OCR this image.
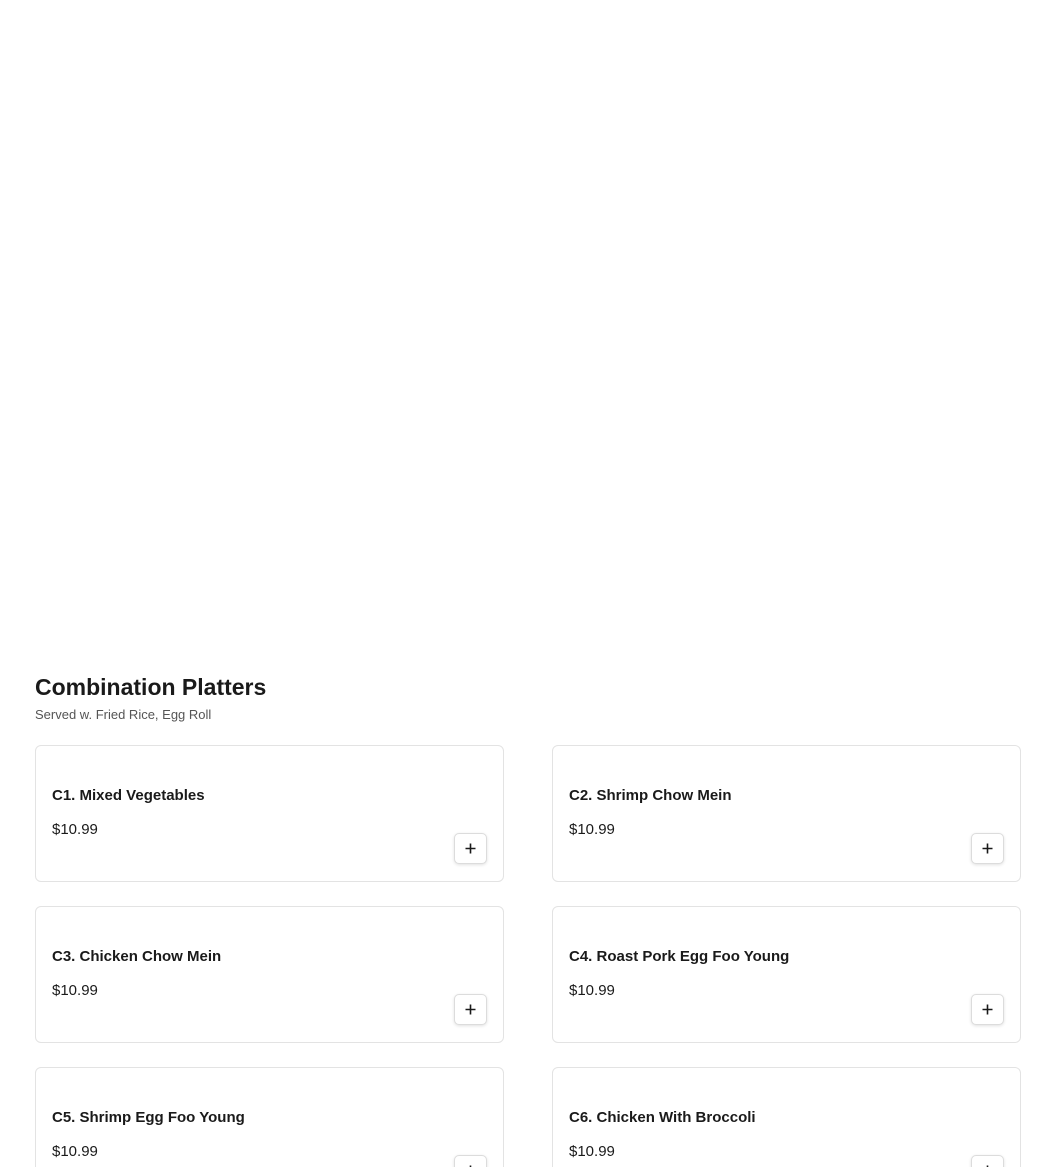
Combination Platters

Served w. Fried Rice, Egg Roll

C1. Mixed Vegetables
$10.99
C2. Shrimp Chow Mein
$10.99
C3. Chicken Chow Mein
$10.99
C4. Roast Pork Egg Foo Young
$10.99
C5. Shrimp Egg Foo Young
$10.99
C6. Chicken With Broccoli
$10.99
